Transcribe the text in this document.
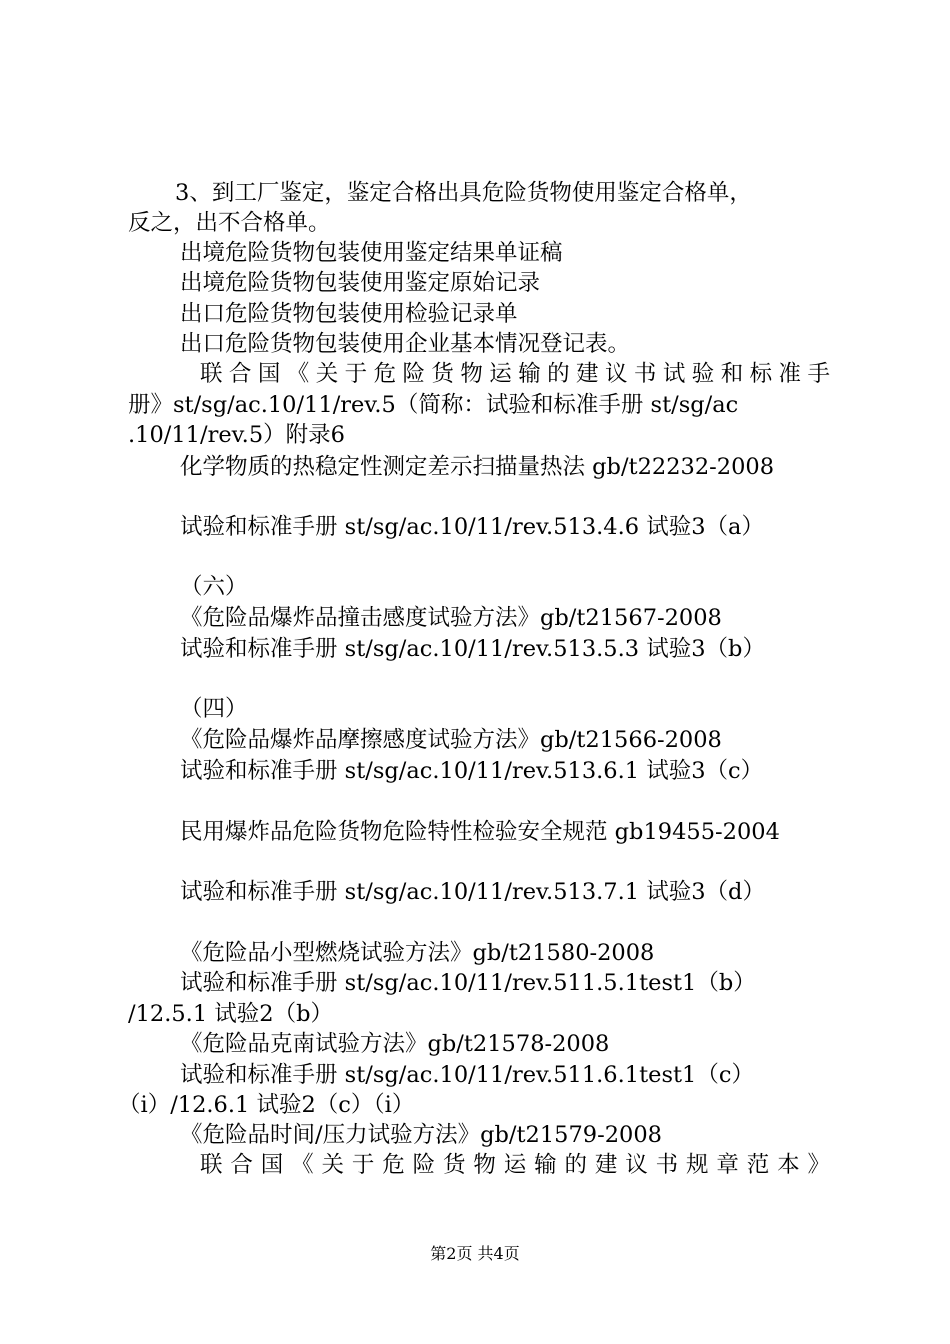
3、到工厂鉴定，鉴定合格出具危险货物使用鉴定合格单，

反之，出不合格单。

出境危险货物包装使用鉴定结果单证稿

出境危险货物包装使用鉴定原始记录

出口危险货物包装使用检验记录单

出口危险货物包装使用企业基本情况登记表。

联合国《关于危险货物运输的建议书试验和标准手

册》st/sg/ac.10/11/rev.5（简称：试验和标准手册 st/sg/ac

.10/11/rev.5）附录6

化学物质的热稳定性测定差示扫描量热法 gb/t22232-2008

试验和标准手册 st/sg/ac.10/11/rev.513.4.6 试验3（a）

（六）

《危险品爆炸品撞击感度试验方法》gb/t21567-2008

试验和标准手册 st/sg/ac.10/11/rev.513.5.3 试验3（b）

（四）

《危险品爆炸品摩擦感度试验方法》gb/t21566-2008

试验和标准手册 st/sg/ac.10/11/rev.513.6.1 试验3（c）

民用爆炸品危险货物危险特性检验安全规范 gb19455-2004

试验和标准手册 st/sg/ac.10/11/rev.513.7.1 试验3（d）

《危险品小型燃烧试验方法》gb/t21580-2008

试验和标准手册 st/sg/ac.10/11/rev.511.5.1test1（b）

/12.5.1 试验2（b）

《危险品克南试验方法》gb/t21578-2008

试验和标准手册 st/sg/ac.10/11/rev.511.6.1test1（c）

（i）/12.6.1 试验2（c）（i）

《危险品时间/压力试验方法》gb/t21579-2008

联合国《关于危险货物运输的建议书规章范本》

第2页 共4页
